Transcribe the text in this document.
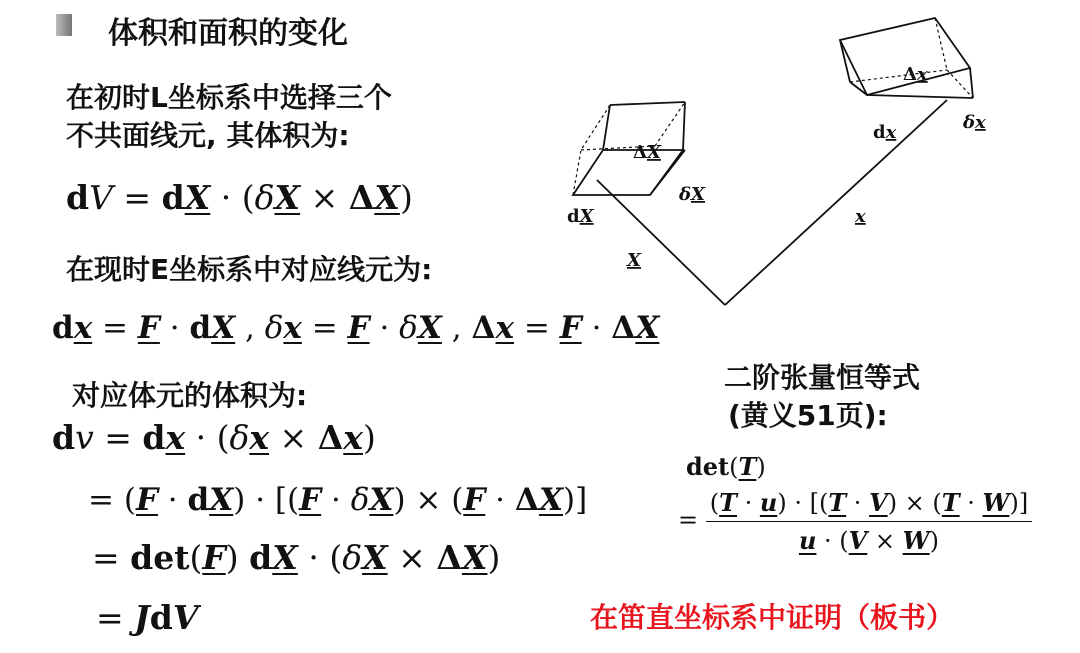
体积和面积的变化
在初时L坐标系中选择三个
不共面线元, 其体积为:
dV = dX · (δX × ΔX)
在现时E坐标系中对应线元为:
dx = F · dX , δx = F · δX , Δx = F · ΔX
对应体元的体积为:
dv = dx · (δx × Δx)
= (F · dX) · [(F · δX) × (F · ΔX)]
= det(F) dX · (δX × ΔX)
= JdV
二阶张量恒等式
(黄义51页):
det(T)
= $\frac{(T \cdot u) \cdot [(T \cdot V) \times (T \cdot W)]}{u \cdot (V \times W)}$
在笛直坐标系中证明（板书）
dX
δX
ΔX
dx	δx
Δx
X
x
